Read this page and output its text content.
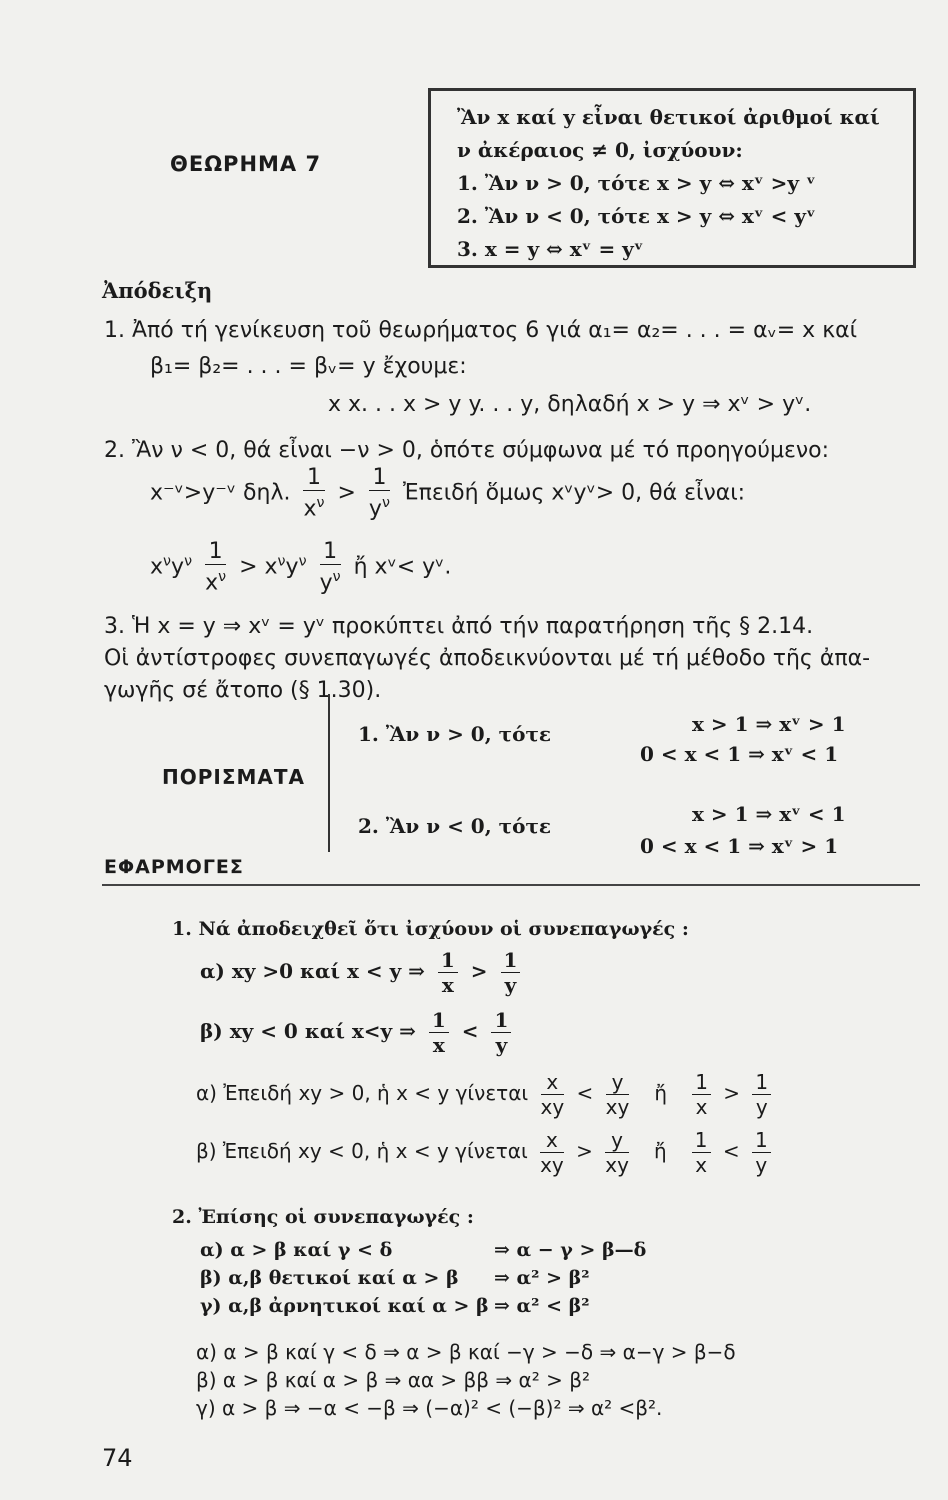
ΘΕΩΡΗΜΑ 7
Ἂν x καί y εἶναι θετικοί ἀριθμοί καί
ν ἀκέραιος ≠ 0, ἰσχύουν:
1. Ἂν ν > 0, τότε x > y ⇔ xᵛ >y ᵛ
2. Ἂν ν < 0, τότε x > y ⇔ xᵛ < yᵛ
3. x = y ⇔ xᵛ = yᵛ
Ἀπόδειξη
1. Ἀπό τή γενίκευση τοῦ θεωρήματος 6 γιά α₁= α₂= . . . = αᵥ= x καί
β₁= β₂= . . . = βᵥ= y ἔχουμε:
x x. . . x > y y. . . y, δηλαδή x > y ⇒ xᵛ > yᵛ.
2. Ἂν ν < 0, θά εἶναι −ν > 0, ὁπότε σύμφωνα μέ τό προηγούμενο:
x⁻ᵛ>y⁻ᵛ δηλ. $\frac{1}{x^\nu} > \frac{1}{y^\nu}$ Ἐπειδή ὅμως xᵛyᵛ> 0, θά εἶναι:
$x^\nu y^\nu \frac{1}{x^\nu} > x^\nu y^\nu \frac{1}{y^\nu}$ ἤ xᵛ< yᵛ.
3. Ἡ x = y ⇒ xᵛ = yᵛ προκύπτει ἀπό τήν παρατήρηση τῆς § 2.14.
Οἱ ἀντίστροφες συνεπαγωγές ἀποδεικνύονται μέ τή μέθοδο τῆς ἀπα-
γωγῆς σέ ἄτοπο (§ 1.30).
ΠΟΡΙΣΜΑΤΑ
1. Ἂν ν > 0, τότε
2. Ἂν ν < 0, τότε
x > 1 ⇒ xᵛ > 1
0 < x < 1 ⇒ xᵛ < 1
x > 1 ⇒ xᵛ < 1
0 < x < 1 ⇒ xᵛ > 1
ΕΦΑΡΜΟΓΕΣ
1. Νά ἀποδειχθεῖ ὅτι ἰσχύουν οἱ συνεπαγωγές :
α) xy >0 καί x < y ⇒ $\frac{1}{x} > \frac{1}{y}$
β) xy < 0 καί x<y ⇒ $\frac{1}{x} < \frac{1}{y}$
α) Ἐπειδή xy > 0, ἡ x < y γίνεται $\frac{x}{xy} < \frac{y}{xy}$ ἤ $\frac{1}{x} > \frac{1}{y}$
β) Ἐπειδή xy < 0, ἡ x < y γίνεται $\frac{x}{xy} > \frac{y}{xy}$ ἤ $\frac{1}{x} < \frac{1}{y}$
2. Ἐπίσης οἱ συνεπαγωγές :
α) α > β καί γ < δ
β) α,β θετικοί καί α > β
γ) α,β ἀρνητικοί καί α > β
⇒ α − γ > β—δ
⇒ α² > β²
⇒ α² < β²
α) α > β καί γ < δ ⇒ α > β καί −γ > −δ ⇒ α−γ > β−δ
β) α > β καί α > β ⇒ αα > ββ ⇒ α² > β²
γ) α > β ⇒ −α < −β ⇒ (−α)² < (−β)² ⇒ α² <β².
74
